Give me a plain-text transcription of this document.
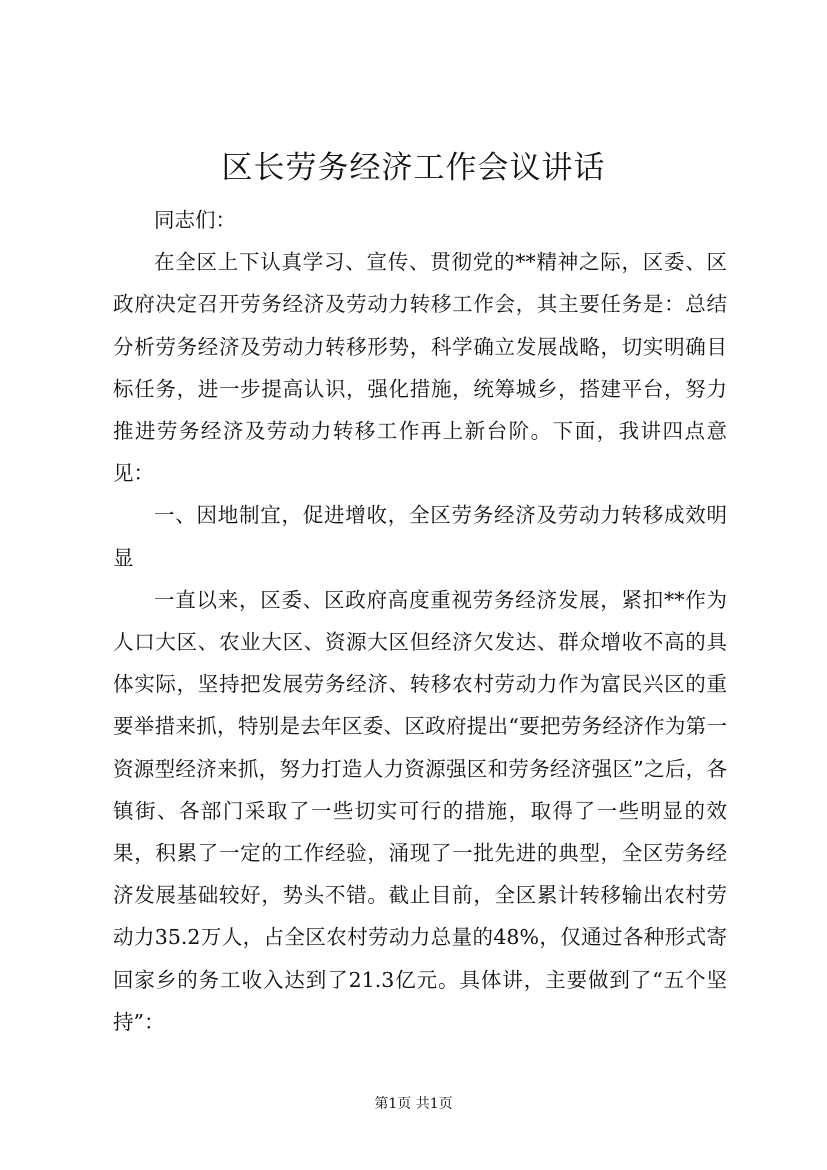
区长劳务经济工作会议讲话

同志们：

在全区上下认真学习、宣传、贯彻党的**精神之际，区委、区政府决定召开劳务经济及劳动力转移工作会，其主要任务是：总结分析劳务经济及劳动力转移形势，科学确立发展战略，切实明确目标任务，进一步提高认识，强化措施，统筹城乡，搭建平台，努力推进劳务经济及劳动力转移工作再上新台阶。下面，我讲四点意见：

一、因地制宜，促进增收，全区劳务经济及劳动力转移成效明显

一直以来，区委、区政府高度重视劳务经济发展，紧扣**作为人口大区、农业大区、资源大区但经济欠发达、群众增收不高的具体实际，坚持把发展劳务经济、转移农村劳动力作为富民兴区的重要举措来抓，特别是去年区委、区政府提出“要把劳务经济作为第一资源型经济来抓，努力打造人力资源强区和劳务经济强区”之后，各镇街、各部门采取了一些切实可行的措施，取得了一些明显的效果，积累了一定的工作经验，涌现了一批先进的典型，全区劳务经济发展基础较好，势头不错。截止目前，全区累计转移输出农村劳动力35.2万人，占全区农村劳动力总量的48%，仅通过各种形式寄回家乡的务工收入达到了21.3亿元。具体讲，主要做到了“五个坚持”：

第1页 共1页
